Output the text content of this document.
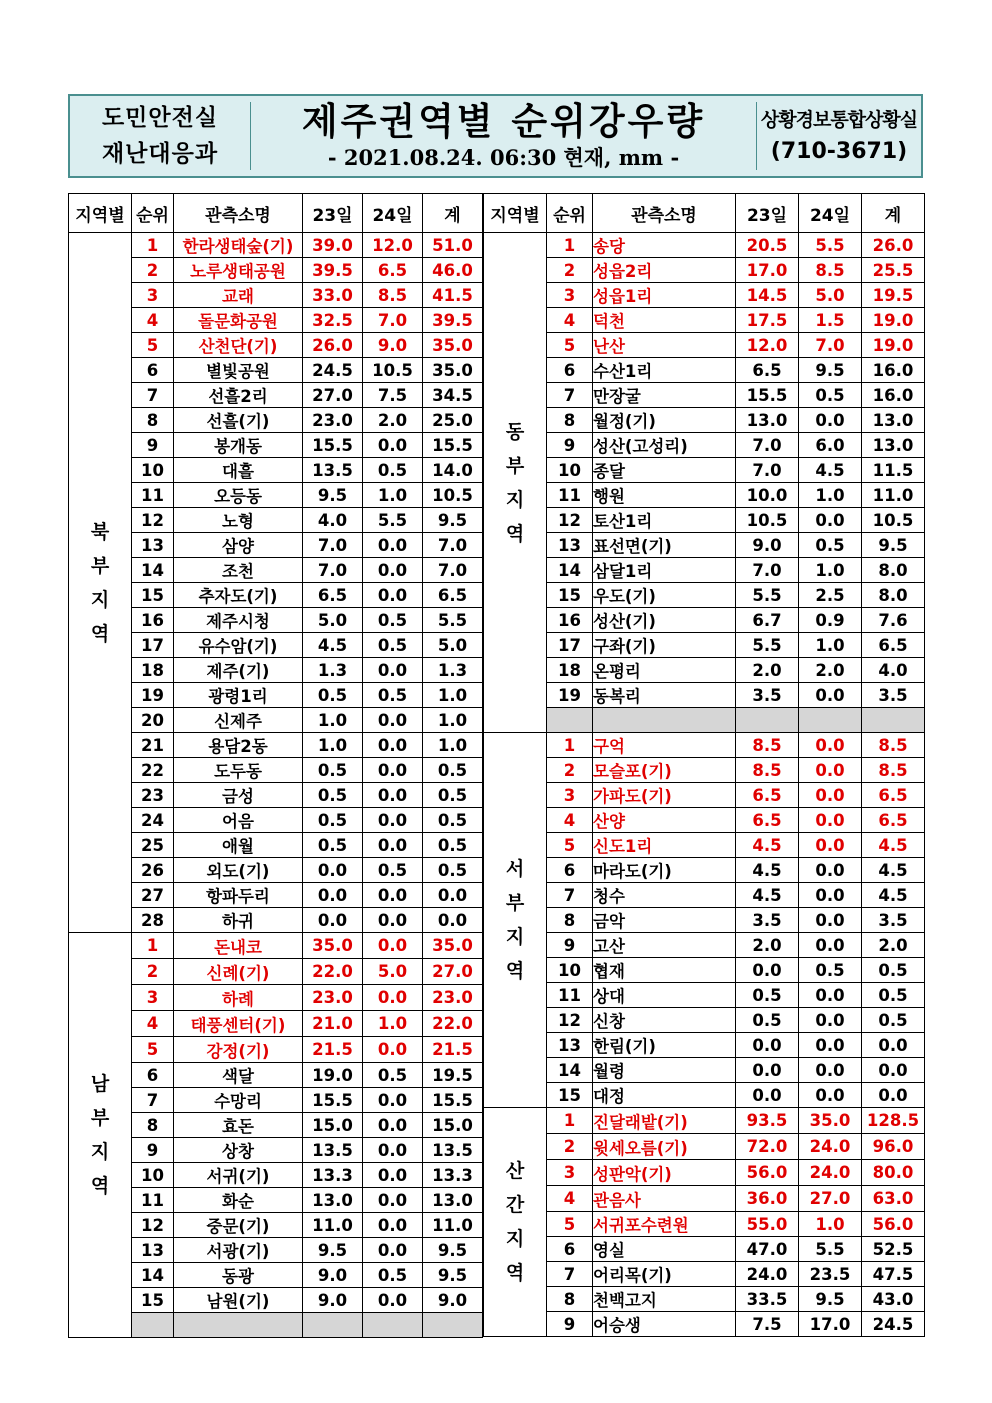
도민안전실
재난대응과
제주권역별 순위강우량
- 2021.08.24. 06:30 현재, mm -
상황경보통합상황실
(710-3671)
지역별	순위	관측소명	23일	24일	계

북
부
지
역	1	한라생태숲(기)	39.0	12.0	51.0
	2	노루생태공원	39.5	6.5	46.0
	3	교래	33.0	8.5	41.5
	4	돌문화공원	32.5	7.0	39.5
	5	산천단(기)	26.0	9.0	35.0
	6	별빛공원	24.5	10.5	35.0
	7	선흘2리	27.0	7.5	34.5
	8	선흘(기)	23.0	2.0	25.0
	9	봉개동	15.5	0.0	15.5
	10	대흘	13.5	0.5	14.0
	11	오등동	9.5	1.0	10.5
	12	노형	4.0	5.5	9.5
	13	삼양	7.0	0.0	7.0
	14	조천	7.0	0.0	7.0
	15	추자도(기)	6.5	0.0	6.5
	16	제주시청	5.0	0.5	5.5
	17	유수암(기)	4.5	0.5	5.0
	18	제주(기)	1.3	0.0	1.3
	19	광령1리	0.5	0.5	1.0
	20	신제주	1.0	0.0	1.0
	21	용담2동	1.0	0.0	1.0
	22	도두동	0.5	0.0	0.5
	23	금성	0.5	0.0	0.5
	24	어음	0.5	0.0	0.5
	25	애월	0.5	0.0	0.5
	26	외도(기)	0.0	0.5	0.5
	27	항파두리	0.0	0.0	0.0
	28	하귀	0.0	0.0	0.0

남
부
지
역	1	돈내코	35.0	0.0	35.0
	2	신례(기)	22.0	5.0	27.0
	3	하례	23.0	0.0	23.0
	4	태풍센터(기)	21.0	1.0	22.0
	5	강정(기)	21.5	0.0	21.5
	6	색달	19.0	0.5	19.5
	7	수망리	15.5	0.0	15.5
	8	효돈	15.0	0.0	15.0
	9	상창	13.5	0.0	13.5
	10	서귀(기)	13.3	0.0	13.3
	11	화순	13.0	0.0	13.0
	12	중문(기)	11.0	0.0	11.0
	13	서광(기)	9.5	0.0	9.5
	14	동광	9.0	0.5	9.5
	15	남원(기)	9.0	0.0	9.0

지역별	순위	관측소명	23일	24일	계

동
부
지
역	1	송당	20.5	5.5	26.0
	2	성읍2리	17.0	8.5	25.5
	3	성읍1리	14.5	5.0	19.5
	4	덕천	17.5	1.5	19.0
	5	난산	12.0	7.0	19.0
	6	수산1리	6.5	9.5	16.0
	7	만장굴	15.5	0.5	16.0
	8	월정(기)	13.0	0.0	13.0
	9	성산(고성리)	7.0	6.0	13.0
	10	종달	7.0	4.5	11.5
	11	행원	10.0	1.0	11.0
	12	토산1리	10.5	0.0	10.5
	13	표선면(기)	9.0	0.5	9.5
	14	삼달1리	7.0	1.0	8.0
	15	우도(기)	5.5	2.5	8.0
	16	성산(기)	6.7	0.9	7.6
	17	구좌(기)	5.5	1.0	6.5
	18	온평리	2.0	2.0	4.0
	19	동복리	3.5	0.0	3.5

서
부
지
역	1	구억	8.5	0.0	8.5
	2	모슬포(기)	8.5	0.0	8.5
	3	가파도(기)	6.5	0.0	6.5
	4	산양	6.5	0.0	6.5
	5	신도1리	4.5	0.0	4.5
	6	마라도(기)	4.5	0.0	4.5
	7	청수	4.5	0.0	4.5
	8	금악	3.5	0.0	3.5
	9	고산	2.0	0.0	2.0
	10	협재	0.0	0.5	0.5
	11	상대	0.5	0.0	0.5
	12	신창	0.5	0.0	0.5
	13	한림(기)	0.0	0.0	0.0
	14	월령	0.0	0.0	0.0
	15	대정	0.0	0.0	0.0

산
간
지
역	1	진달래밭(기)	93.5	35.0	128.5
	2	윗세오름(기)	72.0	24.0	96.0
	3	성판악(기)	56.0	24.0	80.0
	4	관음사	36.0	27.0	63.0
	5	서귀포수련원	55.0	1.0	56.0
	6	영실	47.0	5.5	52.5
	7	어리목(기)	24.0	23.5	47.5
	8	천백고지	33.5	9.5	43.0
	9	어승생	7.5	17.0	24.5
